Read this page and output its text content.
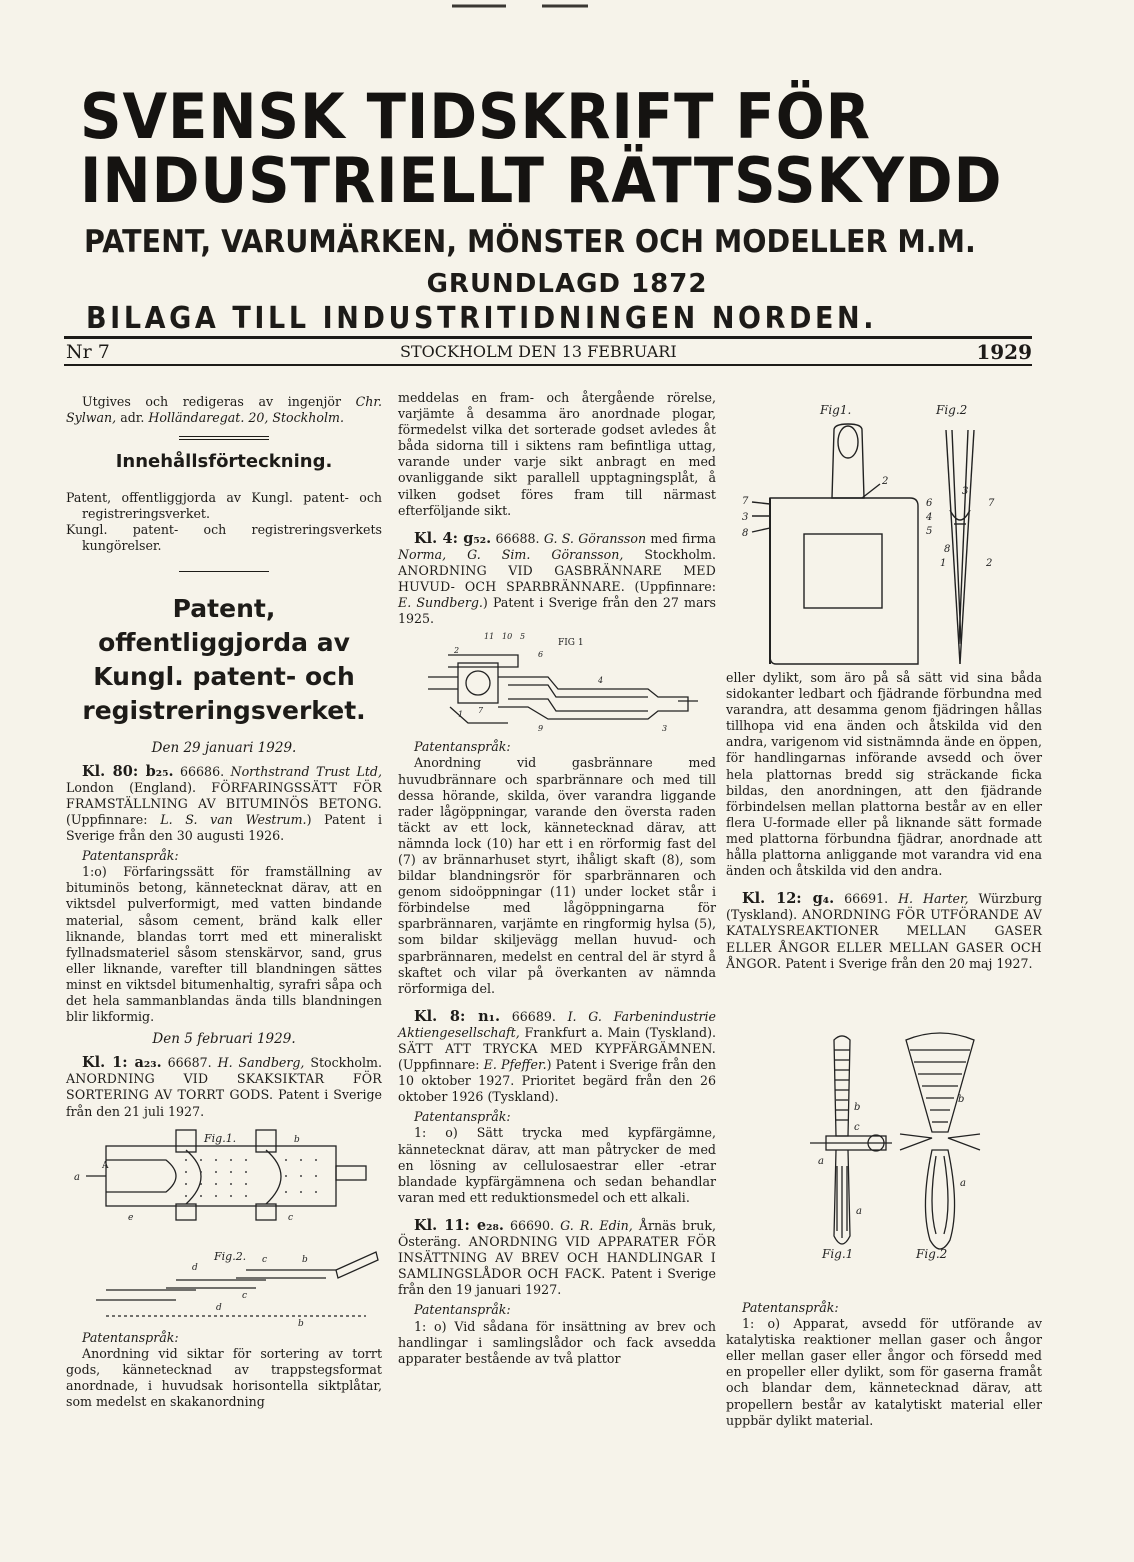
SVENSK TIDSKRIFT FÖR
INDUSTRIELLT RÄTTSSKYDD
PATENT, VARUMÄRKEN, MÖNSTER OCH MODELLER M.M.
GRUNDLAGD 1872
BILAGA TILL INDUSTRITIDNINGEN NORDEN.
Nr 7	STOCKHOLM DEN 13 FEBRUARI	1929

Utgives och redigeras av ingenjör Chr. Sylwan, adr. Holländaregat. 20, Stockholm.

Innehållsförteckning.

Patent, offentliggjorda av Kungl. patent- och registreringsverket.

Kungl. patent- och registreringsverkets kungörelser.

Patent, offentliggjorda av Kungl. patent- och registreringsverket.

Den 29 januari 1929.

Kl. 80: b₂₅. 66686. Northstrand Trust Ltd, London (England). FÖRFARINGSSÄTT FÖR FRAMSTÄLLNING AV BITUMINÖS BETONG. (Uppfinnare: L. S. van Westrum.) Patent i Sverige från den 30 augusti 1926.

Patentanspråk:

1:o) Förfaringssätt för framställning av bituminös betong, kännetecknat därav, att en viktsdel pulverformigt, med vatten bindande material, såsom cement, bränd kalk eller liknande, blandas torrt med ett mineraliskt fyllnadsmateriel såsom stenskärvor, sand, grus eller liknande, varefter till blandningen sättes minst en viktsdel bitumenhaltig, syrafri såpa och det hela sammanblandas ända tills blandningen blir likformig.

Den 5 februari 1929.

Kl. 1: a₂₃. 66687. H. Sandberg, Stockholm. ANORDNING VID SKAKSIKTAR FÖR SORTERING AV TORRT GODS. Patent i Sverige från den 21 juli 1927.

Fig.1.
a
A
b
e	c
Fig.2.
d
c	b
d
c
b

Patentanspråk:

Anordning vid siktar för sortering av torrt gods, kännetecknad av trappstegsformat anordnade, i huvudsak horisontella siktplåtar, som medelst en skakanordning

meddelas en fram- och återgående rörelse, varjämte å desamma äro anordnade plogar, förmedelst vilka det sorterade godset avledes åt båda sidorna till i siktens ram befintliga uttag, varande under varje sikt anbragt en med ovanliggande sikt parallell upptagningsplåt, å vilken godset föres fram till närmast efterföljande sikt.

Kl. 4: g₅₂. 66688. G. S. Göransson med firma Norma, G. Sim. Göransson, Stockholm. ANORDNING VID GASBRÄNNARE MED HUVUD- OCH SPARBRÄNNARE. (Uppfinnare: E. Sundberg.) Patent i Sverige från den 27 mars 1925.

FIG 1
11 10 5
2	6
1 7
9	3
4

Patentanspråk:

Anordning vid gasbrännare med huvudbrännare och sparbrännare och med till dessa hörande, skilda, över varandra liggande rader lågöppningar, varande den översta raden täckt av ett lock, kännetecknad därav, att nämnda lock (10) har ett i en rörformig fast del (7) av brännarhuset styrt, ihåligt skaft (8), som bildar blandningsrör för sparbrännaren och genom sidoöppningar (11) under locket står i förbindelse med lågöppningarna för sparbrännaren, varjämte en ringformig hylsa (5), som bildar skiljevägg mellan huvud- och sparbrännaren, medelst en central del är styrd å skaftet och vilar på överkanten av nämnda rörformiga del.

Kl. 8: n₁. 66689. I. G. Farbenindustrie Aktiengesellschaft, Frankfurt a. Main (Tyskland). SÄTT ATT TRYCKA MED KYPFÄRGÄMNEN. (Uppfinnare: E. Pfeffer.) Patent i Sverige från den 10 oktober 1927. Prioritet begärd från den 26 oktober 1926 (Tyskland).

Patentanspråk:

1: o) Sätt tryckа med kypfärgämne, kännetecknat därav, att man påtrycker de med en lösning av cellulosaestrar eller -etrar blandade kypfärgämnena och sedan behandlar varan med ett reduktionsmedel och ett alkali.

Kl. 11: e₂₈. 66690. G. R. Edin, Årnäs bruk, Österäng. ANORDNING VID APPARATER FÖR INSÄTTNING AV BREV OCH HANDLINGAR I SAMLINGSLÅDOR OCH FACK. Patent i Sverige från den 19 januari 1927.

Patentanspråk:

1: o) Vid sådana för insättning av brev och handlingar i samlingslådor och fack avsedda apparater bestående av två plattor

Fig1.	Fig.2
2
7
3
8
6
4
5
3
7
8
1	2

eller dylikt, som äro på så sätt vid sina båda sidokanter ledbart och fjädrande förbundna med varandra, att desamma genom fjädringen hållas tillhopa vid ena änden och åtskilda vid den andra, varigenom vid sistnämnda ände en öppen, för handlingarnas införande avsedd och över hela plattornas bredd sig sträckande ficka bildas, den anordningen, att den fjädrande förbindelsen mellan plattorna består av en eller flera U-formade eller på liknande sätt formade med plattorna förbundna fjädrar, anordnade att hålla plattorna anliggande mot varandra vid ena änden och åtskilda vid den andra.

Kl. 12: g₄. 66691. H. Harter, Würzburg (Tyskland). ANORDNING FÖR UTFÖRANDE AV KATALYSREAKTIONER MELLAN GASER ELLER ÅNGOR ELLER MELLAN GASER OCH ÅNGOR. Patent i Sverige från den 20 maj 1927.

b
c
a
a
b
a
Fig.1	Fig.2

Patentanspråk:

1: o) Apparat, avsedd för utförande av katalytiska reaktioner mellan gaser och ångor eller mellan gaser eller ångor och försedd med en propeller eller dylikt, som för gaserna framåt och blandar dem, kännetecknad därav, att propellern består av katalytiskt material eller uppbär dylikt material.
